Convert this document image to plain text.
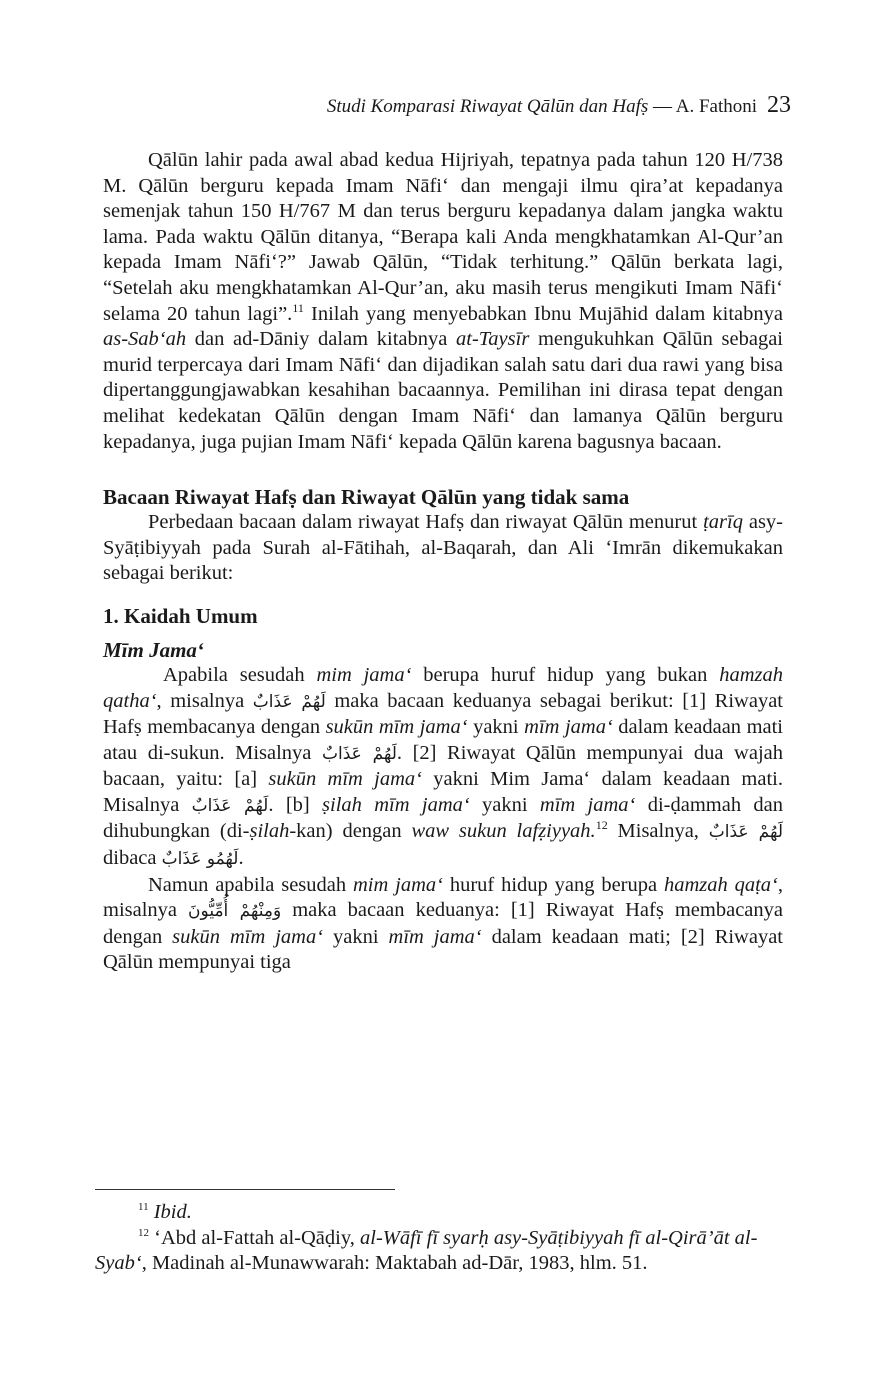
Studi Komparasi Riwayat Qālūn dan Hafṣ — A. Fathoni 23

Qālūn lahir pada awal abad kedua Hijriyah, tepatnya pada tahun 120 H/738 M. Qālūn berguru kepada Imam Nāfi‘ dan mengaji ilmu qira’at kepadanya semenjak tahun 150 H/767 M dan terus berguru kepadanya dalam jangka waktu lama. Pada waktu Qālūn ditanya, “Berapa kali Anda mengkhatamkan Al-Qur’an kepada Imam Nāfi‘?” Jawab Qālūn, “Tidak terhitung.” Qālūn berkata lagi, “Setelah aku mengkhatamkan Al-Qur’an, aku masih terus mengikuti Imam Nāfi‘ selama 20 tahun lagi”.$^{11}$ Inilah yang menyebabkan Ibnu Mujāhid dalam kitabnya as-Sab‘ah dan ad-Dāniy dalam kitabnya at-Taysīr mengukuhkan Qālūn sebagai murid terpercaya dari Imam Nāfi‘ dan dijadikan salah satu dari dua rawi yang bisa dipertanggungjawabkan kesahihan bacaannya. Pemilihan ini dirasa tepat dengan melihat kedekatan Qālūn dengan Imam Nāfi‘ dan lamanya Qālūn berguru kepadanya, juga pujian Imam Nāfi‘ kepada Qālūn karena bagusnya bacaan.

Bacaan Riwayat Hafṣ dan Riwayat Qālūn yang tidak sama

Perbedaan bacaan dalam riwayat Hafṣ dan riwayat Qālūn menurut ṭarīq asy-Syāṭibiyyah pada Surah al-Fātihah, al-Baqarah, dan Ali ‘Imrān dikemukakan sebagai berikut:

1. Kaidah Umum
Mīm Jama‘

Apabila sesudah mim jama‘ berupa huruf hidup yang bukan hamzah qatha‘, misalnya لَهُمْ عَذَابٌ maka bacaan keduanya sebagai berikut: [1] Riwayat Hafṣ membacanya dengan sukūn mīm jama‘ yakni mīm jama‘ dalam keadaan mati atau di-sukun. Misalnya لَهُمْ عَذَابٌ. [2] Riwayat Qālūn mempunyai dua wajah bacaan, yaitu: [a] sukūn mīm jama‘ yakni Mim Jama‘ dalam keadaan mati. Misalnya لَهُمْ عَذَابٌ. [b] ṣilah mīm jama‘ yakni mīm jama‘ di-ḍammah dan dihubungkan (di-ṣilah-kan) dengan waw sukun lafẓiyyah.$^{12}$ Misalnya, لَهُمْ عَذَابٌ dibaca لَهُمُو عَذَابٌ.

Namun apabila sesudah mim jama‘ huruf hidup yang berupa hamzah qaṭa‘, misalnya وَمِنْهُمْ أُمِّيُّونَ maka bacaan keduanya: [1] Riwayat Hafṣ membacanya dengan sukūn mīm jama‘ yakni mīm jama‘ dalam keadaan mati; [2] Riwayat Qālūn mempunyai tiga

$^{11}$ Ibid.

$^{12}$ ‘Abd al-Fattah al-Qāḍiy, al-Wāfī fī syarḥ asy-Syāṭibiyyah fī al-Qirā’āt al-Syab‘, Madinah al-Munawwarah: Maktabah ad-Dār, 1983, hlm. 51.
